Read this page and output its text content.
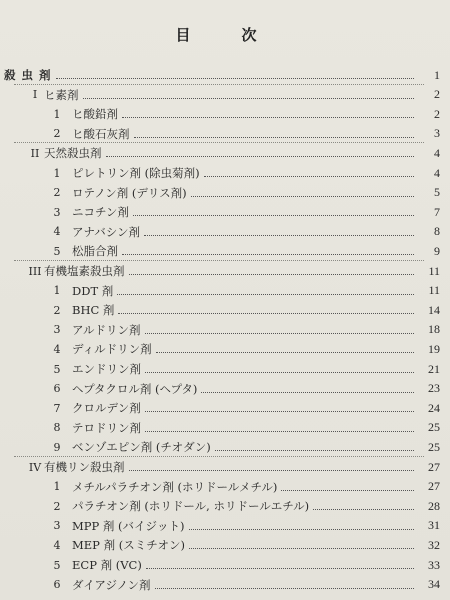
目　次
殺 虫 剤	1
I ヒ素剤	2
1	ヒ酸鉛剤	2
2	ヒ酸石灰剤	3
II 天然殺虫剤	4
1	ピレトリン剤 (除虫菊剤)	4
2	ロテノン剤 (デリス剤)	5
3	ニコチン剤	7
4	アナバシン剤	8
5	松脂合剤	9
III 有機塩素殺虫剤	11
1	DDT 剤	11
2	BHC 剤	14
3	アルドリン剤	18
4	ディルドリン剤	19
5	エンドリン剤	21
6	ヘプタクロル剤 (ヘプタ)	23
7	クロルデン剤	24
8	テロドリン剤	25
9	ベンゾエピン剤 (チオダン)	25
IV 有機リン殺虫剤	27
1	メチルパラチオン剤 (ホリドールメチル)	27
2	パラチオン剤 (ホリドール, ホリドールエチル)	28
3	MPP 剤 (バイジット)	31
4	MEP 剤 (スミチオン)	32
5	ECP 剤 (VC)	33
6	ダイアジノン剤	34
